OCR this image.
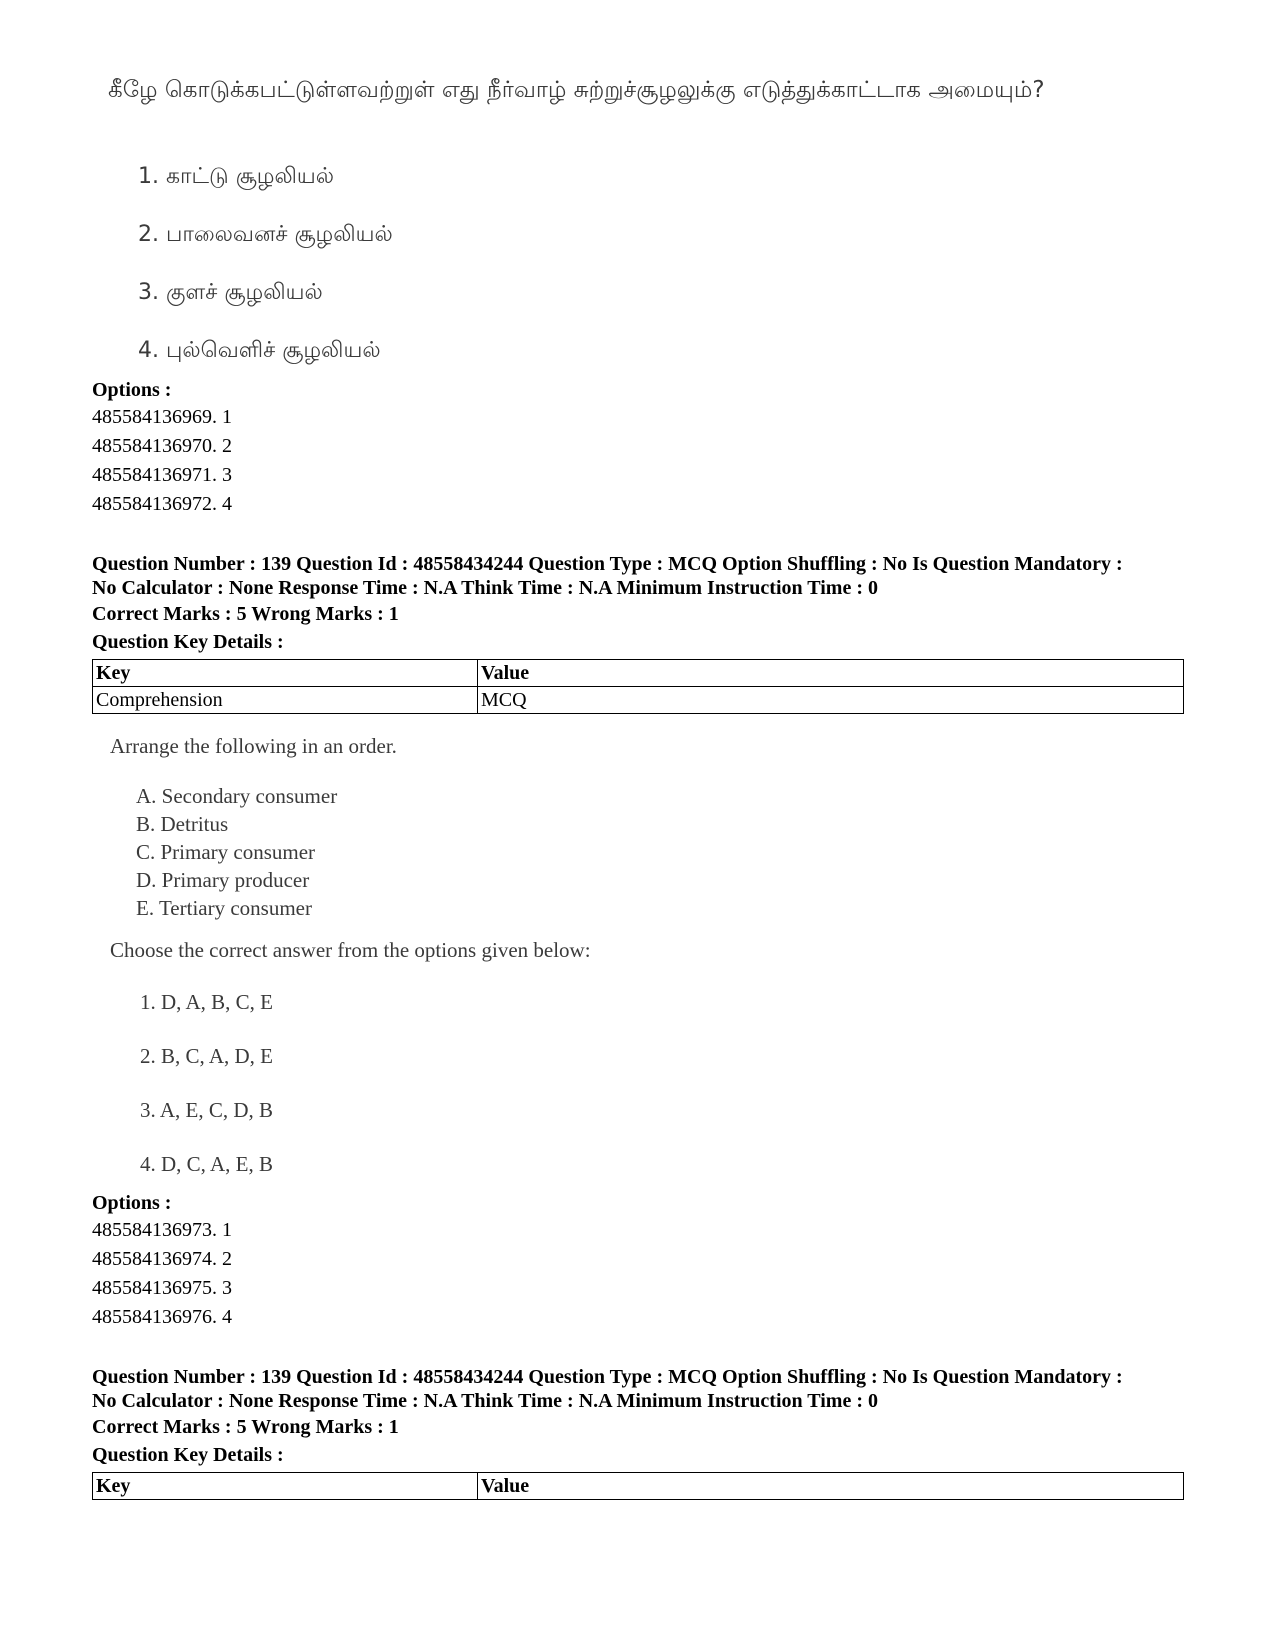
கீழே கொடுக்கபட்டுள்ளவற்றுள் எது நீர்வாழ் சுற்றுச்சூழலுக்கு எடுத்துக்காட்டாக அமையும்?
1. காட்டு சூழலியல்
2. பாலைவனச் சூழலியல்
3. குளச் சூழலியல்
4. புல்வெளிச் சூழலியல்
Options :
485584136969. 1
485584136970. 2
485584136971. 3
485584136972. 4
Question Number : 139 Question Id : 48558434244 Question Type : MCQ Option Shuffling : No Is Question Mandatory :
No Calculator : None Response Time : N.A Think Time : N.A Minimum Instruction Time : 0
Correct Marks : 5 Wrong Marks : 1
Question Key Details :
Key	Value
Comprehension	MCQ
Arrange the following in an order.
A. Secondary consumer
B. Detritus
C. Primary consumer
D. Primary producer
E. Tertiary consumer
Choose the correct answer from the options given below:
1. D, A, B, C, E
2. B, C, A, D, E
3. A, E, C, D, B
4. D, C, A, E, B
Options :
485584136973. 1
485584136974. 2
485584136975. 3
485584136976. 4
Question Number : 139 Question Id : 48558434244 Question Type : MCQ Option Shuffling : No Is Question Mandatory :
No Calculator : None Response Time : N.A Think Time : N.A Minimum Instruction Time : 0
Correct Marks : 5 Wrong Marks : 1
Question Key Details :
Key	Value
